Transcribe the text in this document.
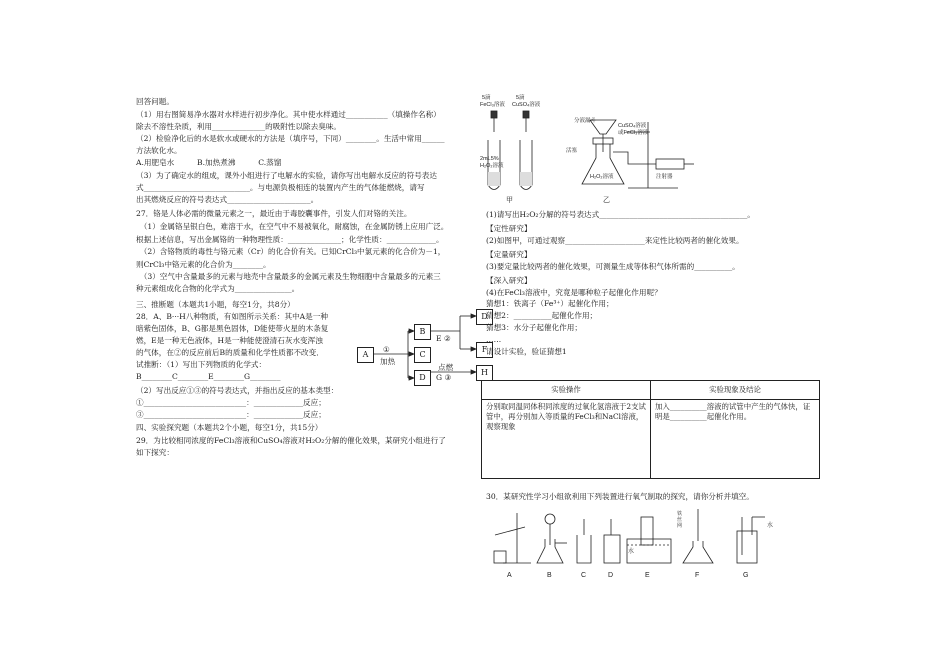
回答问题。
（1）用右图简易净水器对水样进行初步净化。其中使水样通过___________（填操作名称）
除去不溶性杂质，利用______________的吸附性以除去臭味。
（2）检验净化后的水是软水或硬水的方法是（填序号，下同）________。生活中常用______
方法软化水。
A.用肥皂水　　　B.加热煮沸　　　C.蒸馏
（3）为了确定水的组成，课外小组进行了电解水的实验，请你写出电解水反应的符号表达
式____________________________。与电源负极相连的装置内产生的气体能燃烧，请写
出其燃烧反应的符号表达式______________________。
27．铬是人体必需的微量元素之一，最近由于毒胶囊事件，引发人们对铬的关注。
　（1）金属铬呈银白色，难溶于水，在空气中不易被氧化，耐腐蚀，在金属防锈上应用广泛。
根据上述信息，写出金属铬的一种物理性质：______________；化学性质：_____________。
　（2）含铬物质的毒性与铬元素（Cr）的化合价有关。已知CrCl₃中氯元素的化合价为－1，
则CrCl₃中铬元素的化合价为________。
　（3）空气中含量最多的元素与地壳中含量最多的金属元素及生物细胞中含量最多的元素三
种元素组成化合物的化学式为_______________。
三、推断题（本题共1小题，每空1分，共8分）
28．A、B···H八种物质，有如图所示关系：其中A是一种
暗紫色固体，B、G都是黑色固体，D能使带火星的木条复
燃，E是一种无色液体，H是一种能使澄清石灰水变浑浊
的气体，在②的反应前后B的质量和化学性质都不改变．
试推断：（1）写出下列物质的化学式：
B________C________E________G________
（2）写出反应①③的符号表达式，并指出反应的基本类型：
①___________________________：_____________反应；
③___________________________：_____________反应；
四、实验探究题（本题共2个小题，每空1分，共15分）
29．为比较相同浓度的FeCl₃溶液和CuSO₄溶液对H₂O₂分解的催化效果，某研究小组进行了
如下探究：
A
B
C
D
D
F
H
①
加热
E ②
点燃
G ③
5滴
FeCl₃溶液
5滴
CuSO₄溶液
2mL5%
H₂O₂溶液
甲
分液漏斗
CuSO₄溶液
或FeCl₃溶液
活塞
H₂O₂溶液	注射器
乙
(1)请写出H₂O₂分解的符号表达式_______________________________________。
【定性研究】
(2)如图甲，可通过观察_____________________来定性比较两者的催化效果。
【定量研究】
(3)要定量比较两者的催化效果，可测量生成等体积气体所需的__________。
【深入研究】
(4)在FeCl₃溶液中，究竟是哪种粒子起催化作用呢？
猜想1：铁离子（Fe³⁺）起催化作用；
猜想2：__________起催化作用；
猜想3：水分子起催化作用；
……
请设计实验，验证猜想1
实验操作	实验现象及结论
分别取同温同体积同浓度的过氧化氢溶液于2支试管中，再分别加入等质量的FeCl₃和NaCl溶液，观察现象	加入__________溶液的试管中产生的气体快，证明是__________起催化作用。
30．某研究性学习小组欲利用下列装置进行氧气制取的探究，请你分析并填空。
A	B	C	D	E	F	G
水
铁
丝
网	水
